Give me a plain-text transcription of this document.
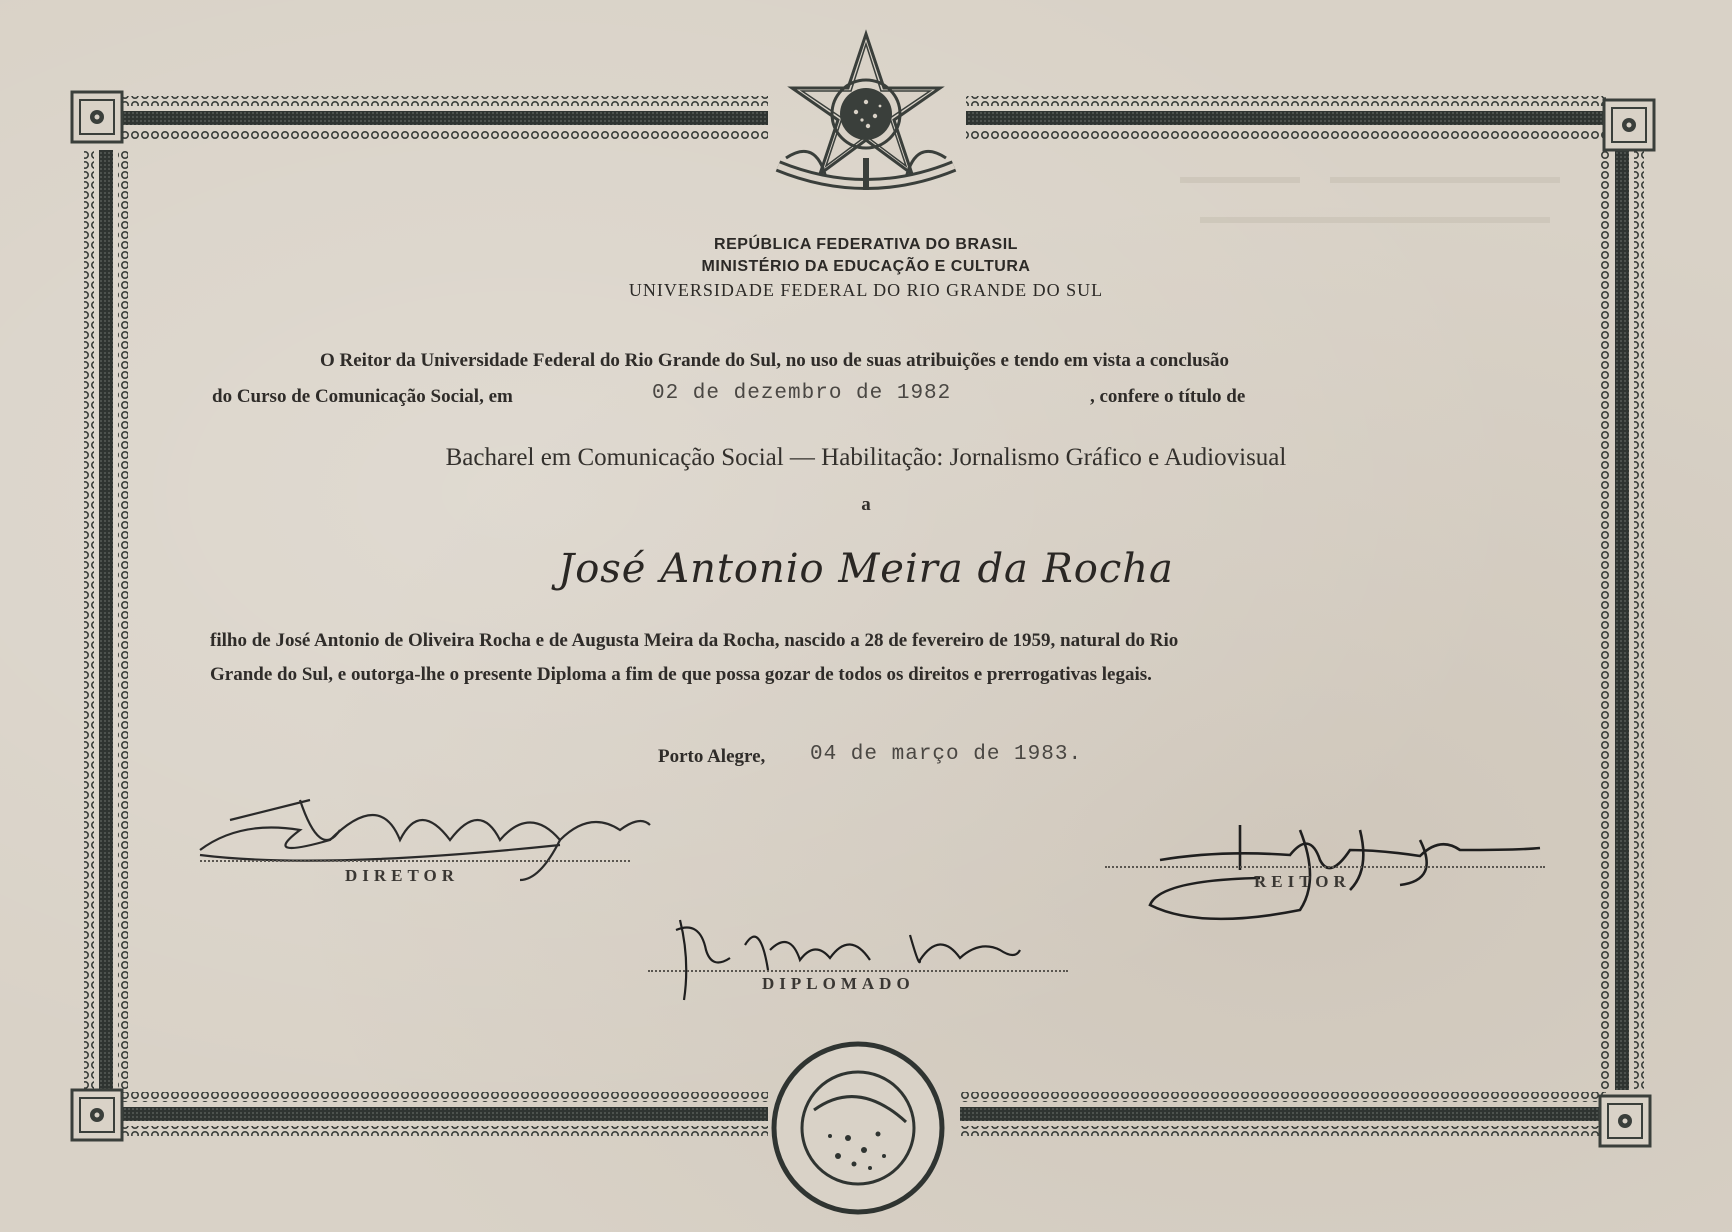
REPÚBLICA FEDERATIVA DO BRASIL
MINISTÉRIO DA EDUCAÇÃO E CULTURA
UNIVERSIDADE FEDERAL DO RIO GRANDE DO SUL
O Reitor da Universidade Federal do Rio Grande do Sul, no uso de suas atribuições e tendo em vista a conclusão
do Curso de Comunicação Social, em	02 de dezembro de 1982	, confere o título de
Bacharel em Comunicação Social — Habilitação: Jornalismo Gráfico e Audiovisual
a
José Antonio Meira da Rocha
filho de José Antonio de Oliveira Rocha e de Augusta Meira da Rocha, nascido a 28 de fevereiro de 1959, natural do Rio
Grande do Sul, e outorga-lhe o presente Diploma a fim de que possa gozar de todos os direitos e prerrogativas legais.
Porto Alegre, 04 de março de 1983.
DIRETOR	REITOR
DIPLOMADO
